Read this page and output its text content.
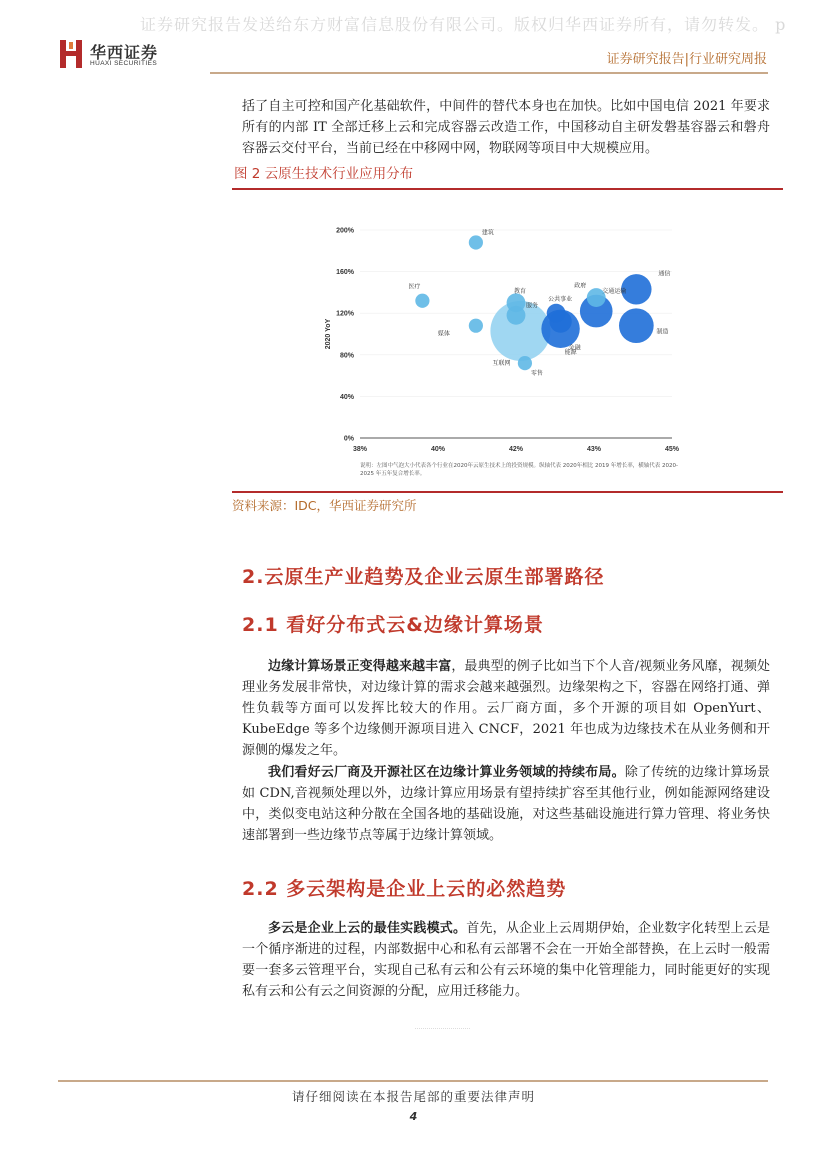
证券研究报告发送给东方财富信息股份有限公司。版权归华西证券所有，请勿转发。 p
华西证券
HUAXI SECURITIES	证券研究报告|行业研究周报
括了自主可控和国产化基础软件，中间件的替代本身也在加快。比如中国电信 2021 年要求所有的内部 IT 全部迁移上云和完成容器云改造工作，中国移动自主研发磐基容器云和磐舟容器云交付平台，当前已经在中移网中网，物联网等项目中大规模应用。
图 2 云原生技术行业应用分布
2020 YoY
0%
40%
80%
120%
160%
200%
38%	40%	42%	43%	45%
建筑
医疗
媒体
教育
服务
互联网
零售
公共事业
能源
金融
政府
交通运输
通信
制造
说明：左图中气泡大小代表各个行业在2020年云原生技术上的投资规模。纵轴代表 2020年相比 2019 年增长率，横轴代表 2020-2025 年五年复合增长率。
资料来源：IDC，华西证券研究所
2.云原生产业趋势及企业云原生部署路径
2.1 看好分布式云&边缘计算场景
边缘计算场景正变得越来越丰富，最典型的例子比如当下个人音/视频业务风靡，视频处理业务发展非常快，对边缘计算的需求会越来越强烈。边缘架构之下，容器在网络打通、弹性负载等方面可以发挥比较大的作用。云厂商方面，多个开源的项目如 OpenYurt、KubeEdge 等多个边缘侧开源项目进入 CNCF，2021 年也成为边缘技术在从业务侧和开源侧的爆发之年。
我们看好云厂商及开源社区在边缘计算业务领域的持续布局。除了传统的边缘计算场景如 CDN,音视频处理以外，边缘计算应用场景有望持续扩容至其他行业，例如能源网络建设中，类似变电站这种分散在全国各地的基础设施，对这些基础设施进行算力管理、将业务快速部署到一些边缘节点等属于边缘计算领域。
2.2 多云架构是企业上云的必然趋势
多云是企业上云的最佳实践模式。首先，从企业上云周期伊始，企业数字化转型上云是一个循序渐进的过程，内部数据中心和私有云部署不会在一开始全部替换，在上云时一般需要一套多云管理平台，实现自己私有云和公有云环境的集中化管理能力，同时能更好的实现私有云和公有云之间资源的分配，应用迁移能力。
请仔细阅读在本报告尾部的重要法律声明
4
